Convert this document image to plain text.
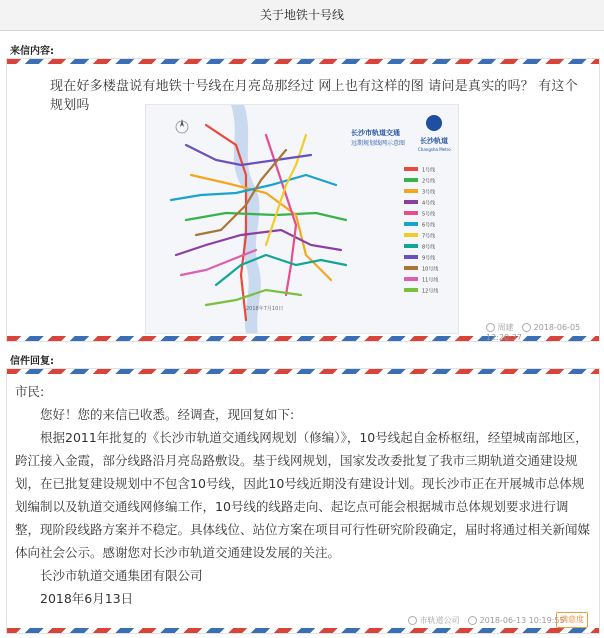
关于地铁十号线
来信内容:
现在好多楼盘说有地铁十号线在月亮岛那经过 网上也有这样的图 请问是真实的吗？ 有这个规划吗
长沙市轨道交通
远期规划线网示意图 长沙轨道
Changsha Metro
1号线
2号线
3号线
4号线
5号线
6号线
7号线
8号线
9号线
10号线
11号线
12号线
2018年7月10日
周建	2018-06-05 12:20:37
信件回复:

市民:

您好！您的来信已收悉。经调查，现回复如下:

根据2011年批复的《长沙市轨道交通线网规划（修编）》，10号线起自金桥枢纽，经望城南部地区，跨江接入金霞，部分线路沿月亮岛路敷设。基于线网规划，国家发改委批复了我市三期轨道交通建设规划，在已批复建设规划中不包含10号线，因此10号线近期没有建设计划。现长沙市正在开展城市总体规划编制以及轨道交通线网修编工作，10号线的线路走向、起讫点可能会根据城市总体规划要求进行调整，现阶段线路方案并不稳定。具体线位、站位方案在项目可行性研究阶段确定，届时将通过相关新闻媒体向社会公示。感谢您对长沙市轨道交通建设发展的关注。

长沙市轨道交通集团有限公司

2018年6月13日

市轨道公司	2018-06-13 10:19:55
满意度
